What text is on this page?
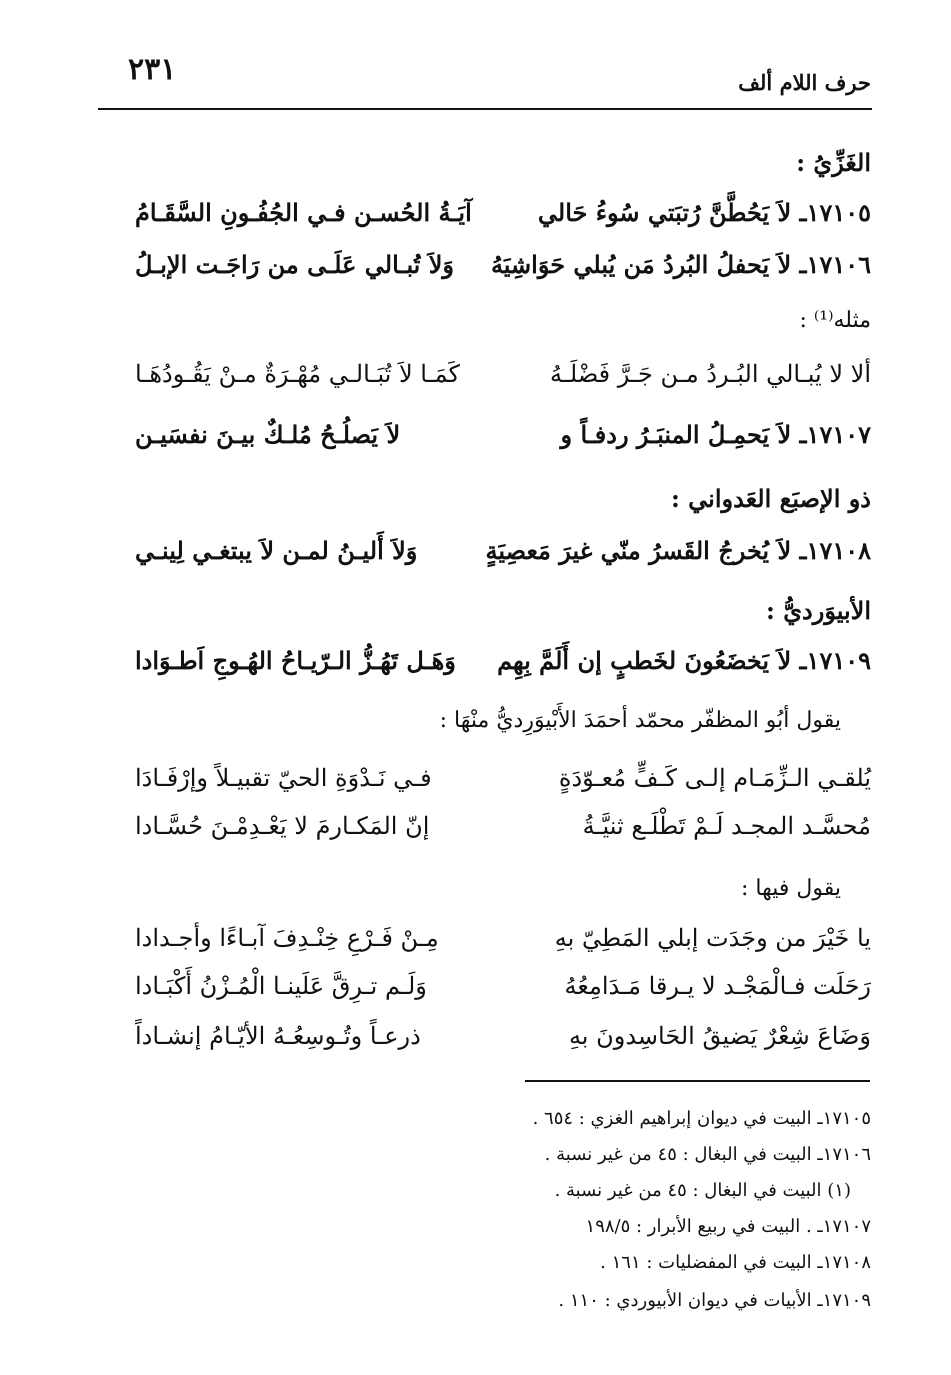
٢٣١	حرف اللام ألف
الغَزِّيُ :
١٧١٠٥ـ لاَ يَحُطَّنَّ رُتبَتي سُوءُ حَالي
آيَـةُ الحُسـن فـي الجُفُـونِ السَّقَـامُ
١٧١٠٦ـ لاَ يَحفلُ البُردُ مَن يُبلي حَوَاشِيَهُ
وَلاَ تُبـالي عَلَـى من رَاجَـت الإبـلُ
مثله⁽¹⁾ :
ألا لا يُبـالي البُـردُ مـن جَـرَّ فَضْلَـهُ
كَمَـا لاَ تُبَـالـي مُهْـرَةٌ مـنْ يَقُـودُهَـا
١٧١٠٧ـ لاَ يَحمِـلُ المنبَـرُ ردفـاً و
لاَ يَصلُـحُ مُلـكٌ بيـنَ نفسَيـن
ذو الإصبَع العَدواني :
١٧١٠٨ـ لاَ يُخرجُ القَسرُ منّي غيرَ مَعصِيَةٍ
وَلاَ أَليـنُ لمـن لاَ يبتغـي لِينـي
الأبيوَرديُّ :
١٧١٠٩ـ لاَ يَخضَعُونَ لخَطبٍ إن أَلَمَّ بِهِم
وَهَـل تَهُـزُّ الـرّيـاحُ الهُـوجِ اَطـوَادا
يقول أبُو المظفّر محمّد أحمَدَ الأَبْيوَرِديُّ منْهَا :
يُلقـي الـزِّمَـام إلـى كَـفٍّ مُعـوّدَةٍ
فـي نَـدْوَةِ الحيّ تقبيـلاً وإرْفَـادَا
مُحسَّـد المجـد لَـمْ تَطْلَـع ثنيَّـةُ
إنّ المَكـارمَ لا يَعْـدِمْـنَ حُسَّـادا
يقول فيها :
يا خَيْرَ من وجَدَت إبلي المَطِيّ بهِ
مِـنْ فَـرْعِ خِنْـدِفَ آبـاءًا وأجـدادا
رَحَلَت فـالْمَجْـد لا يـرقا مَـدَامِعُهُ
وَلَـم تـرِقَّ عَلَينـا الْمُـزْنُ أَكْبَـادا
وَضَاعَ شِعْرٌ يَضيقُ الحَاسِدونَ بهِ
ذرعـاً وتُـوسِعُـهُ الأيّـامُ إنشـاداً
١٧١٠٥ـ البيت في ديوان إبراهيم الغزي : ٦٥٤ .
١٧١٠٦ـ البيت في البغال : ٤٥ من غير نسبة .
(١) البيت في البغال : ٤٥ من غير نسبة .
١٧١٠٧ـ . البيت في ربيع الأبرار : ١٩٨/٥
١٧١٠٨ـ البيت في المفضليات : ١٦١ .
١٧١٠٩ـ الأبيات في ديوان الأبيوردي : ١١٠ .
